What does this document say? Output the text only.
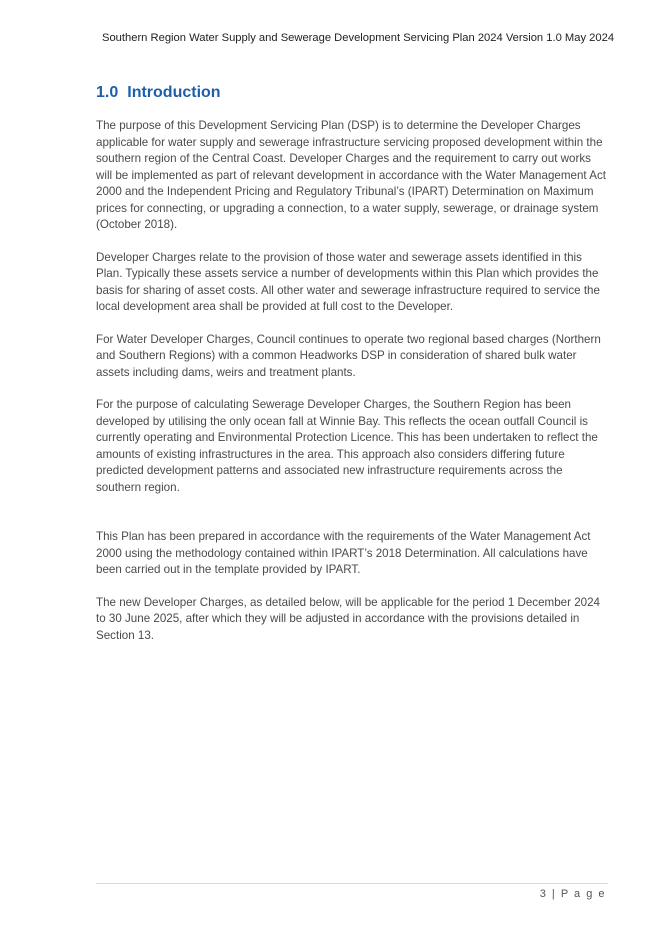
Southern Region Water Supply and Sewerage Development Servicing Plan 2024 Version 1.0 May 2024
1.0 Introduction

The purpose of this Development Servicing Plan (DSP) is to determine the Developer Charges applicable for water supply and sewerage infrastructure servicing proposed development within the southern region of the Central Coast. Developer Charges and the requirement to carry out works will be implemented as part of relevant development in accordance with the Water Management Act 2000 and the Independent Pricing and Regulatory Tribunal’s (IPART) Determination on Maximum prices for connecting, or upgrading a connection, to a water supply, sewerage, or drainage system (October 2018).

Developer Charges relate to the provision of those water and sewerage assets identified in this Plan. Typically these assets service a number of developments within this Plan which provides the basis for sharing of asset costs. All other water and sewerage infrastructure required to service the local development area shall be provided at full cost to the Developer.

For Water Developer Charges, Council continues to operate two regional based charges (Northern and Southern Regions) with a common Headworks DSP in consideration of shared bulk water assets including dams, weirs and treatment plants.

For the purpose of calculating Sewerage Developer Charges, the Southern Region has been developed by utilising the only ocean fall at Winnie Bay. This reflects the ocean outfall Council is currently operating and Environmental Protection Licence. This has been undertaken to reflect the amounts of existing infrastructures in the area. This approach also considers differing future predicted development patterns and associated new infrastructure requirements across the southern region.

This Plan has been prepared in accordance with the requirements of the Water Management Act 2000 using the methodology contained within IPART’s 2018 Determination. All calculations have been carried out in the template provided by IPART.

The new Developer Charges, as detailed below, will be applicable for the period 1 December 2024 to 30 June 2025, after which they will be adjusted in accordance with the provisions detailed in Section 13.

3 | P a g e
